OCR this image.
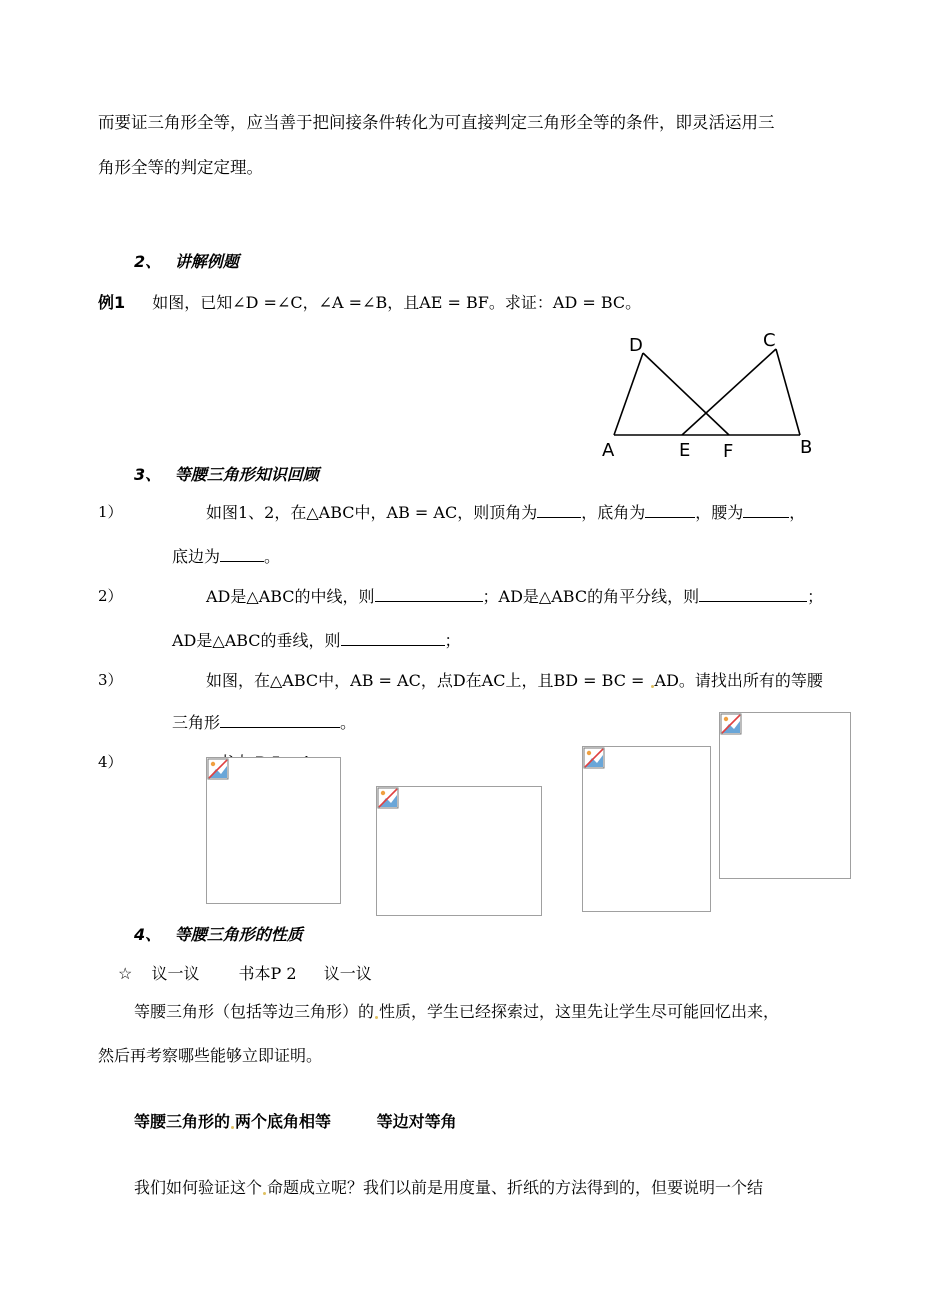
而要证三角形全等，应当善于把间接条件转化为可直接判定三角形全等的条件，即灵活运用三
角形全等的判定定理。
2、 讲解例题
例1 如图，已知∠D =∠C，∠A =∠B，且AE = BF。求证：AD = BC。
D	C
A	E F	B
3、 等腰三角形知识回顾
1）	如图1、2，在△ABC中，AB = AC，则顶角为	，底角为	，腰为	，
底边为	。
2）	AD是△ABC的中线，则	；AD是△ABC的角平分线，则	；
AD是△ABC的垂线，则	；
3）	如图，在△ABC中，AB = AC，点D在AC上，且BD = BC = AD。请找出所有的等腰
三角形	。
4）
4、 等腰三角形的性质
☆ 议一议 书本P 2 议一议
等腰三角形（包括等边三角形）的 性质，学生已经探索过，这里先让学生尽可能回忆出来，
然后再考察哪些能够立即证明。
等腰三角形的 两个底角相等	等边对等角
我们如何验证这个 命题成立呢？我们以前是用度量、折纸的方法得到的，但要说明一个结
